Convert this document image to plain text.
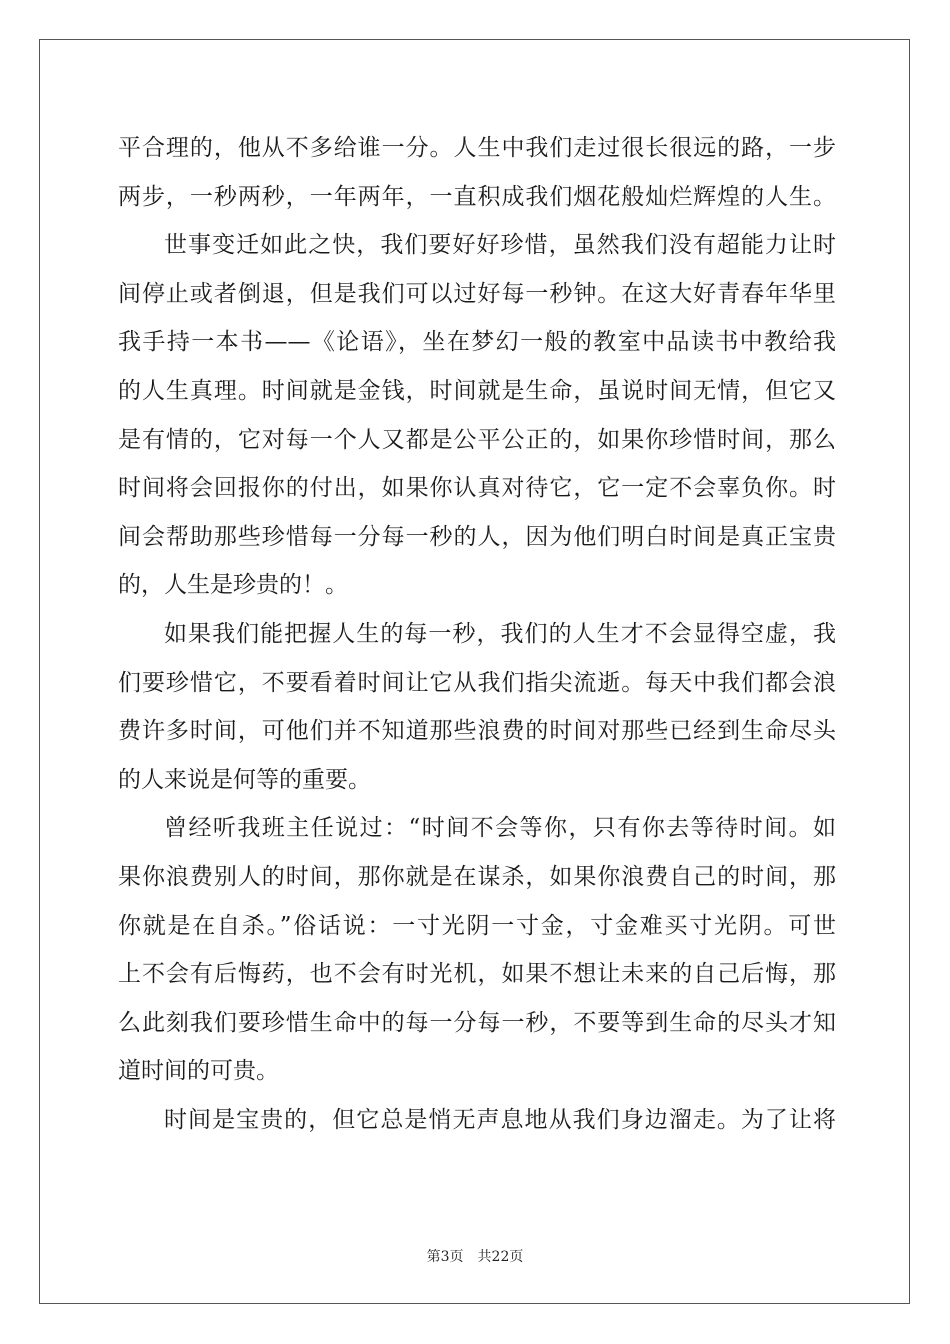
平合理的，他从不多给谁一分。人生中我们走过很长很远的路，一步
两步，一秒两秒，一年两年，一直积成我们烟花般灿烂辉煌的人生。
世事变迁如此之快，我们要好好珍惜，虽然我们没有超能力让时
间停止或者倒退，但是我们可以过好每一秒钟。在这大好青春年华里
我手持一本书——《论语》，坐在梦幻一般的教室中品读书中教给我
的人生真理。时间就是金钱，时间就是生命，虽说时间无情，但它又
是有情的，它对每一个人又都是公平公正的，如果你珍惜时间，那么
时间将会回报你的付出，如果你认真对待它，它一定不会辜负你。时
间会帮助那些珍惜每一分每一秒的人，因为他们明白时间是真正宝贵
的，人生是珍贵的！。
如果我们能把握人生的每一秒，我们的人生才不会显得空虚，我
们要珍惜它，不要看着时间让它从我们指尖流逝。每天中我们都会浪
费许多时间，可他们并不知道那些浪费的时间对那些已经到生命尽头
的人来说是何等的重要。
曾经听我班主任说过：“时间不会等你，只有你去等待时间。如
果你浪费别人的时间，那你就是在谋杀，如果你浪费自己的时间，那
你就是在自杀。”俗话说：一寸光阴一寸金，寸金难买寸光阴。可世
上不会有后悔药，也不会有时光机，如果不想让未来的自己后悔，那
么此刻我们要珍惜生命中的每一分每一秒，不要等到生命的尽头才知
道时间的可贵。
时间是宝贵的，但它总是悄无声息地从我们身边溜走。为了让将
第3页　共22页
